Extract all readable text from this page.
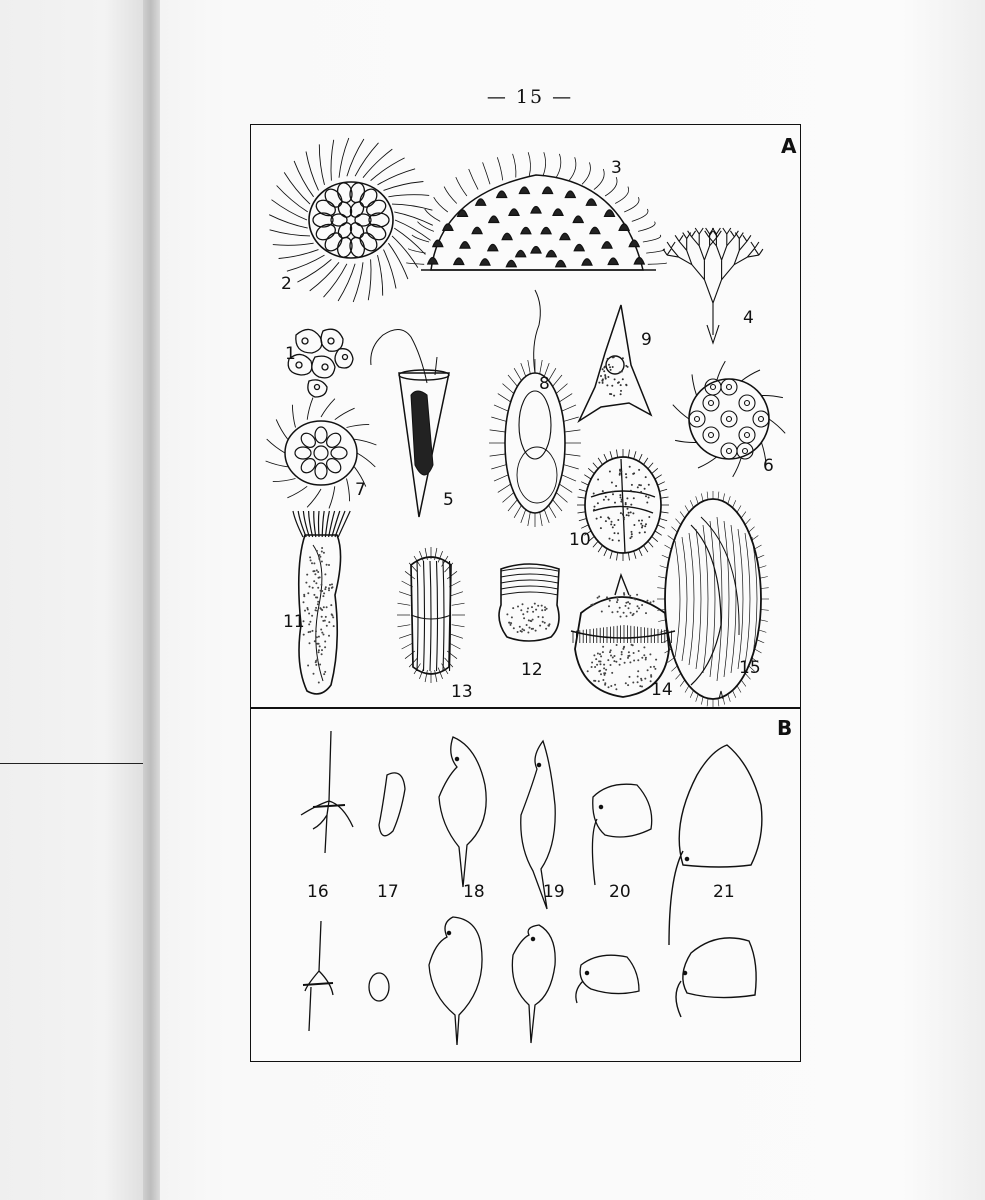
— 15 —
A
B
1
2
3
4
5
6
7
8
9
10
11
12
13	14
15
16	17	18	19	20	21
